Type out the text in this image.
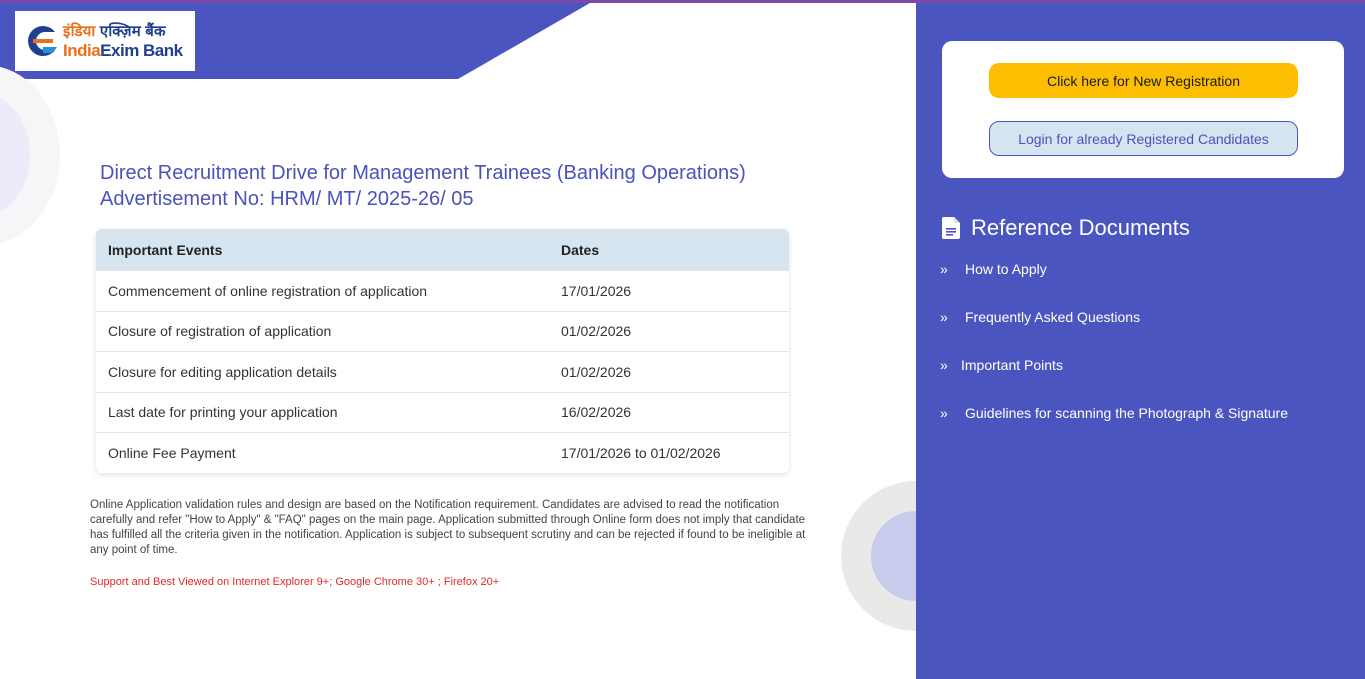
इंडिया एक्ज़िम बैंक
IndiaExim Bank
Direct Recruitment Drive for Management Trainees (Banking Operations)
Advertisement No: HRM/ MT/ 2025-26/ 05
Important Events	Dates
Commencement of online registration of application	17/01/2026
Closure of registration of application	01/02/2026
Closure for editing application details	01/02/2026
Last date for printing your application	16/02/2026
Online Fee Payment	17/01/2026 to 01/02/2026

Online Application validation rules and design are based on the Notification requirement. Candidates are advised to read the notification carefully and refer "How to Apply" & "FAQ" pages on the main page. Application submitted through Online form does not imply that candidate has fulfilled all the criteria given in the notification. Application is subject to subsequent scrutiny and can be rejected if found to be ineligible at any point of time.

Support and Best Viewed on Internet Explorer 9+; Google Chrome 30+ ; Firefox 20+

Click here for New Registration
Login for already Registered Candidates
Reference Documents
»	How to Apply
»	Frequently Asked Questions
» Important Points
»	Guidelines for scanning the Photograph & Signature
